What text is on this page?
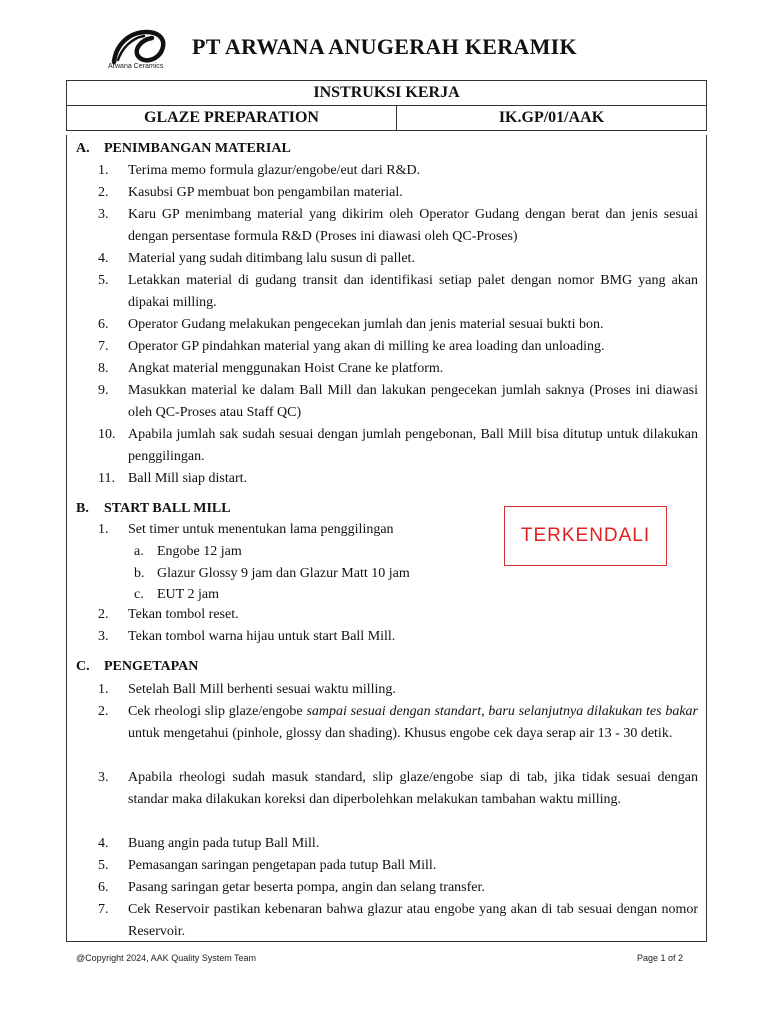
Arwana Ceramics
PT ARWANA ANUGERAH KERAMIK
INSTRUKSI KERJA
GLAZE PREPARATION	IK.GP/01/AAK
A. PENIMBANGAN MATERIAL
1.	Terima memo formula glazur/engobe/eut dari R&D.
2.	Kasubsi GP membuat bon pengambilan material.
3.	Karu GP menimbang material yang dikirim oleh Operator Gudang dengan berat dan jenis sesuai dengan persentase formula R&D (Proses ini diawasi oleh QC-Proses)
4.	Material yang sudah ditimbang lalu susun di pallet.
5.	Letakkan material di gudang transit dan identifikasi setiap palet dengan nomor BMG yang akan dipakai milling.
6.	Operator Gudang melakukan pengecekan jumlah dan jenis material sesuai bukti bon.
7.	Operator GP pindahkan material yang akan di milling ke area loading dan unloading.
8.	Angkat material menggunakan Hoist Crane ke platform.
9.	Masukkan material ke dalam Ball Mill dan lakukan pengecekan jumlah saknya (Proses ini diawasi oleh QC-Proses atau Staff QC)
10. Apabila jumlah sak sudah sesuai dengan jumlah pengebonan, Ball Mill bisa ditutup untuk dilakukan penggilingan.
11. Ball Mill siap distart.
B. START BALL MILL
1.	Set timer untuk menentukan lama penggilingan
a. Engobe 12 jam
b. Glazur Glossy 9 jam dan Glazur Matt 10 jam
c. EUT 2 jam
2.	Tekan tombol reset.
3.	Tekan tombol warna hijau untuk start Ball Mill.
TERKENDALI
C. PENGETAPAN
1.	Setelah Ball Mill berhenti sesuai waktu milling.
2.	Cek rheologi slip glaze/engobe sampai sesuai dengan standart, baru selanjutnya dilakukan tes bakar untuk mengetahui (pinhole, glossy dan shading). Khusus engobe cek daya serap air 13 - 30 detik.
3.	Apabila rheologi sudah masuk standard, slip glaze/engobe siap di tab, jika tidak sesuai dengan standar maka dilakukan koreksi dan diperbolehkan melakukan tambahan waktu milling.
4.	Buang angin pada tutup Ball Mill.
5.	Pemasangan saringan pengetapan pada tutup Ball Mill.
6.	Pasang saringan getar beserta pompa, angin dan selang transfer.
7.	Cek Reservoir pastikan kebenaran bahwa glazur atau engobe yang akan di tab sesuai dengan nomor Reservoir.
@Copyright 2024, AAK Quality System Team	Page 1 of 2
